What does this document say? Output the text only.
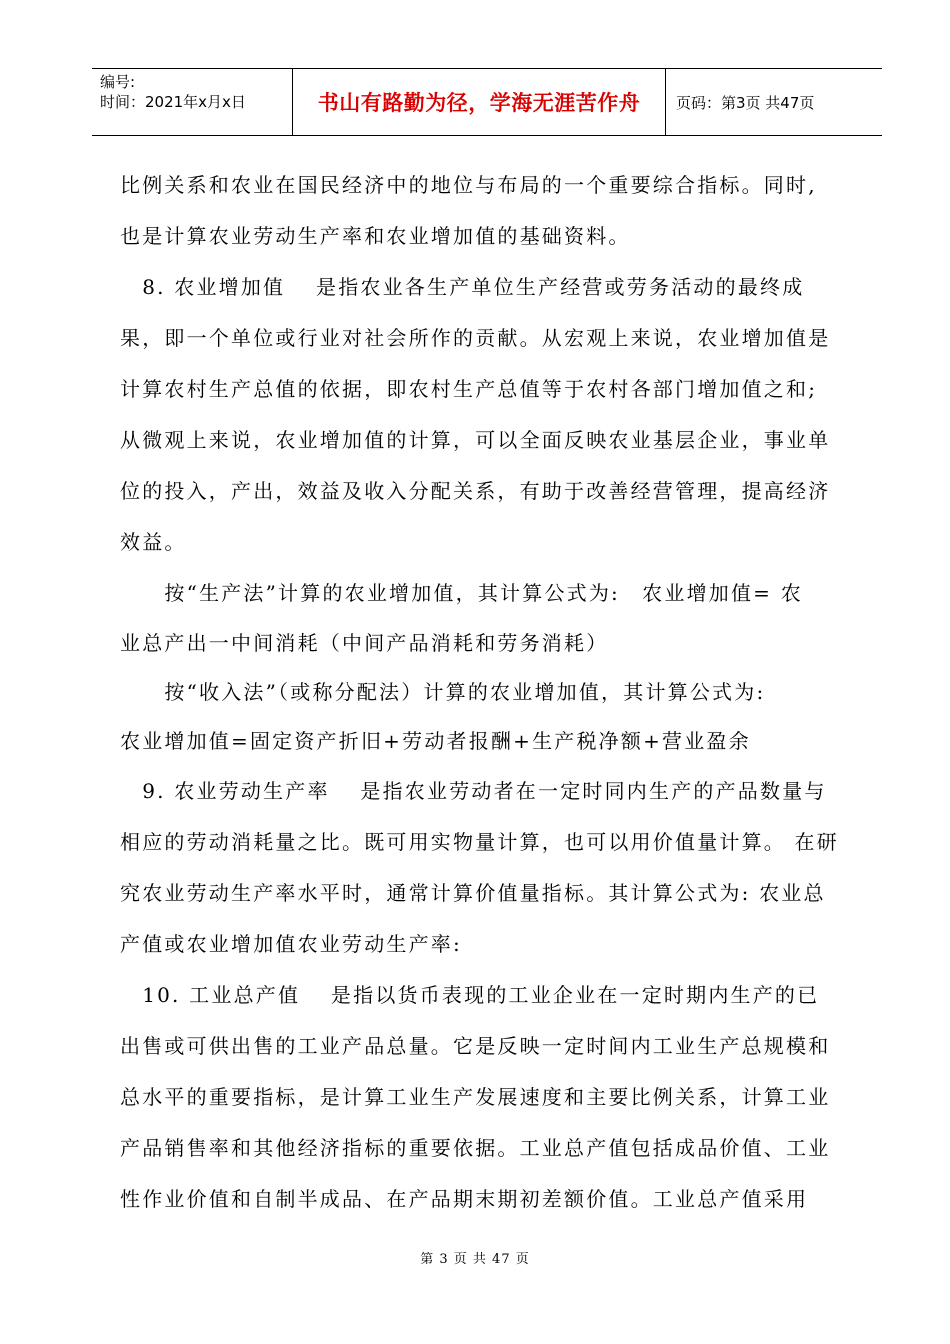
编号:
时间：2021年x月x日	书山有路勤为径，学海无涯苦作舟 页码：第3页 共47页
比例关系和农业在国民经济中的地位与布局的一个重要综合指标。同时,
也是计算农业劳动生产率和农业增加值的基础资料。
　8. 农业增加值　 是指农业各生产单位生产经营或劳务活动的最终成
果，即一个单位或行业对社会所作的贡献。从宏观上来说，农业增加值是
计算农村生产总值的依据，即农村生产总值等于农村各部门增加值之和;
从微观上来说，农业增加值的计算，可以全面反映农业基层企业，事业单
位的投入，产出，效益及收入分配关系，有助于改善经营管理，提高经济
效益。
　　按“生产法”计算的农业增加值，其计算公式为:　农业增加值= 农
业总产出一中间消耗（中间产品消耗和劳务消耗）
　　按“收入法”（或称分配法）计算的农业增加值，其计算公式为:
农业增加值=固定资产折旧+劳动者报酬+生产税净额+营业盈余
　9. 农业劳动生产率　 是指农业劳动者在一定时同内生产的产品数量与
相应的劳动消耗量之比。既可用实物量计算，也可以用价值量计算。 在研
究农业劳动生产率水平时，通常计算价值量指标。其计算公式为: 农业总
产值或农业增加值农业劳动生产率:
　10. 工业总产值　 是指以货币表现的工业企业在一定时期内生产的已
出售或可供出售的工业产品总量。它是反映一定时间内工业生产总规模和
总水平的重要指标，是计算工业生产发展速度和主要比例关系，计算工业
产品销售率和其他经济指标的重要依据。工业总产值包括成品价值、工业
性作业价值和自制半成品、在产品期末期初差额价值。工业总产值采用
第 3 页 共 47 页
